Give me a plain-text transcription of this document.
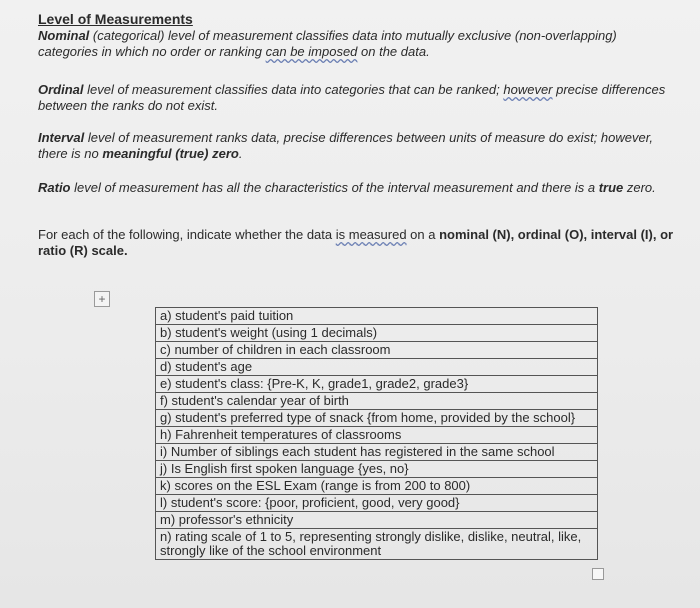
Level of Measurements
Nominal (categorical) level of measurement classifies data into mutually exclusive (non-overlapping) categories in which no order or ranking can be imposed on the data.
Ordinal level of measurement classifies data into categories that can be ranked; however precise differences between the ranks do not exist.
Interval level of measurement ranks data, precise differences between units of measure do exist; however, there is no meaningful (true) zero.
Ratio level of measurement has all the characteristics of the interval measurement and there is a true zero.
For each of the following, indicate whether the data is measured on a nominal (N), ordinal (O), interval (I), or ratio (R) scale.
+
a) student's paid tuition
b) student's weight (using 1 decimals)
c) number of children in each classroom
d) student's age
e) student's class: {Pre-K, K, grade1, grade2, grade3}
f) student's calendar year of birth
g) student's preferred type of snack {from home, provided by the school}
h) Fahrenheit temperatures of classrooms
i) Number of siblings each student has registered in the same school
j) Is English first spoken language {yes, no}
k) scores on the ESL Exam (range is from 200 to 800)
l) student's score: {poor, proficient, good, very good}
m) professor's ethnicity
n) rating scale of 1 to 5, representing strongly dislike, dislike, neutral, like, strongly like of the school environment
